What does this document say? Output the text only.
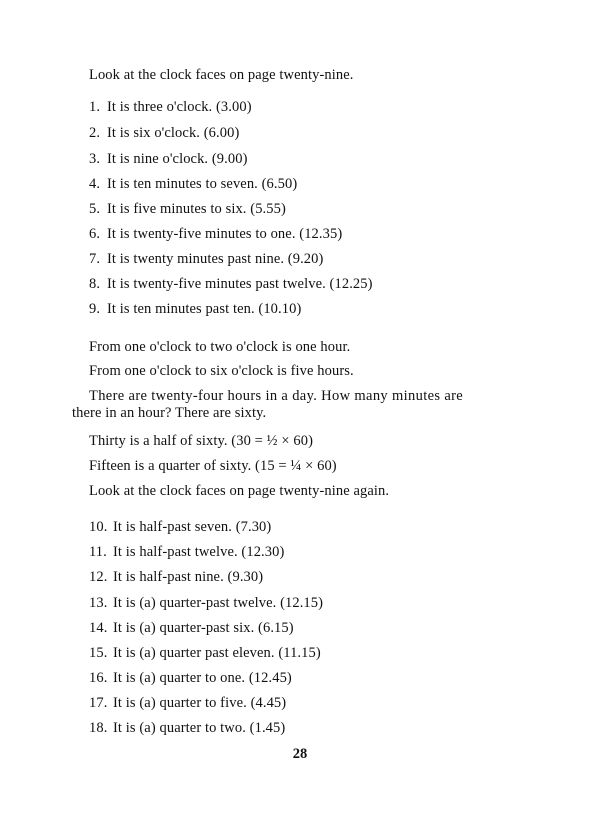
Look at the clock faces on page twenty-nine.
1. It is three o'clock. (3.00)
2. It is six o'clock. (6.00)
3. It is nine o'clock. (9.00)
4. It is ten minutes to seven. (6.50)
5. It is five minutes to six. (5.55)
6. It is twenty-five minutes to one. (12.35)
7. It is twenty minutes past nine. (9.20)
8. It is twenty-five minutes past twelve. (12.25)
9. It is ten minutes past ten. (10.10)
From one o'clock to two o'clock is one hour.
From one o'clock to six o'clock is five hours.
There are twenty-four hours in a day. How many minutes are
there in an hour? There are sixty.
Thirty is a half of sixty. (30 = ½ × 60)
Fifteen is a quarter of sixty. (15 = ¼ × 60)
Look at the clock faces on page twenty-nine again.
10. It is half-past seven. (7.30)
11. It is half-past twelve. (12.30)
12. It is half-past nine. (9.30)
13. It is (a) quarter-past twelve. (12.15)
14. It is (a) quarter-past six. (6.15)
15. It is (a) quarter past eleven. (11.15)
16. It is (a) quarter to one. (12.45)
17. It is (a) quarter to five. (4.45)
18. It is (a) quarter to two. (1.45)
28
